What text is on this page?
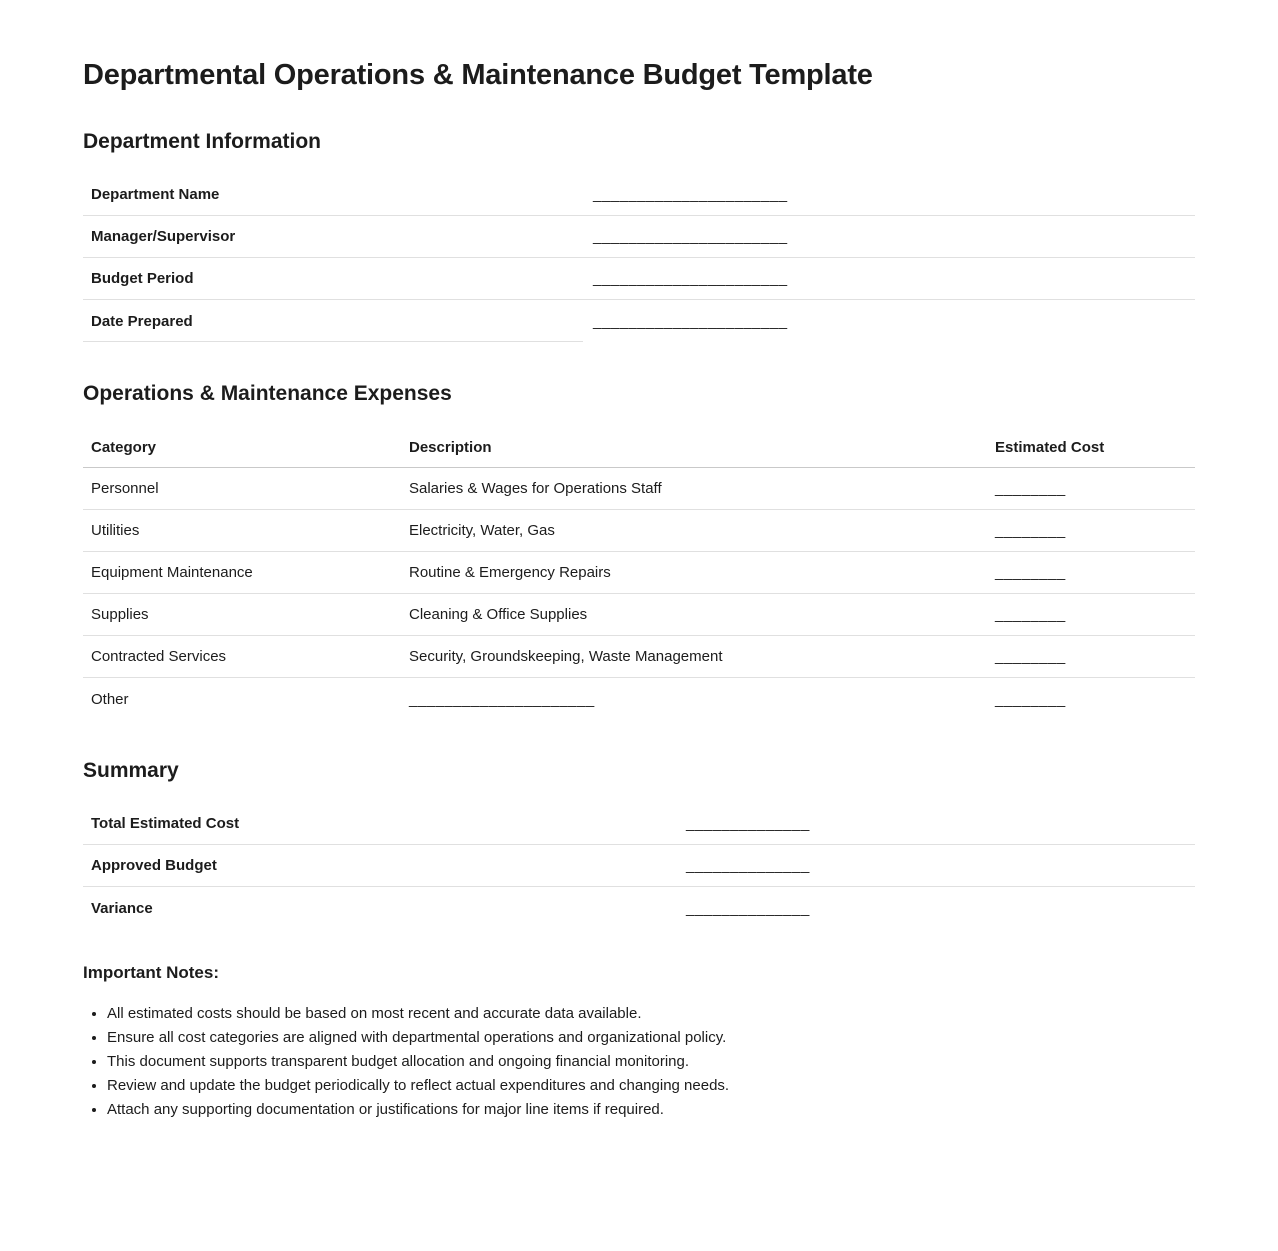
Departmental Operations & Maintenance Budget Template
Department Information
Department Name	______________________
Manager/Supervisor	______________________
Budget Period	______________________
Date Prepared	______________________
Operations & Maintenance Expenses
Category	Description	Estimated Cost
Personnel	Salaries & Wages for Operations Staff	________
Utilities	Electricity, Water, Gas	________
Equipment Maintenance	Routine & Emergency Repairs	________
Supplies	Cleaning & Office Supplies	________
Contracted Services	Security, Groundskeeping, Waste Management	________
Other	_____________________	________
Summary
Total Estimated Cost	______________
Approved Budget	______________
Variance	______________
Important Notes:
• All estimated costs should be based on most recent and accurate data available.
• Ensure all cost categories are aligned with departmental operations and organizational policy.
• This document supports transparent budget allocation and ongoing financial monitoring.
• Review and update the budget periodically to reflect actual expenditures and changing needs.
• Attach any supporting documentation or justifications for major line items if required.
